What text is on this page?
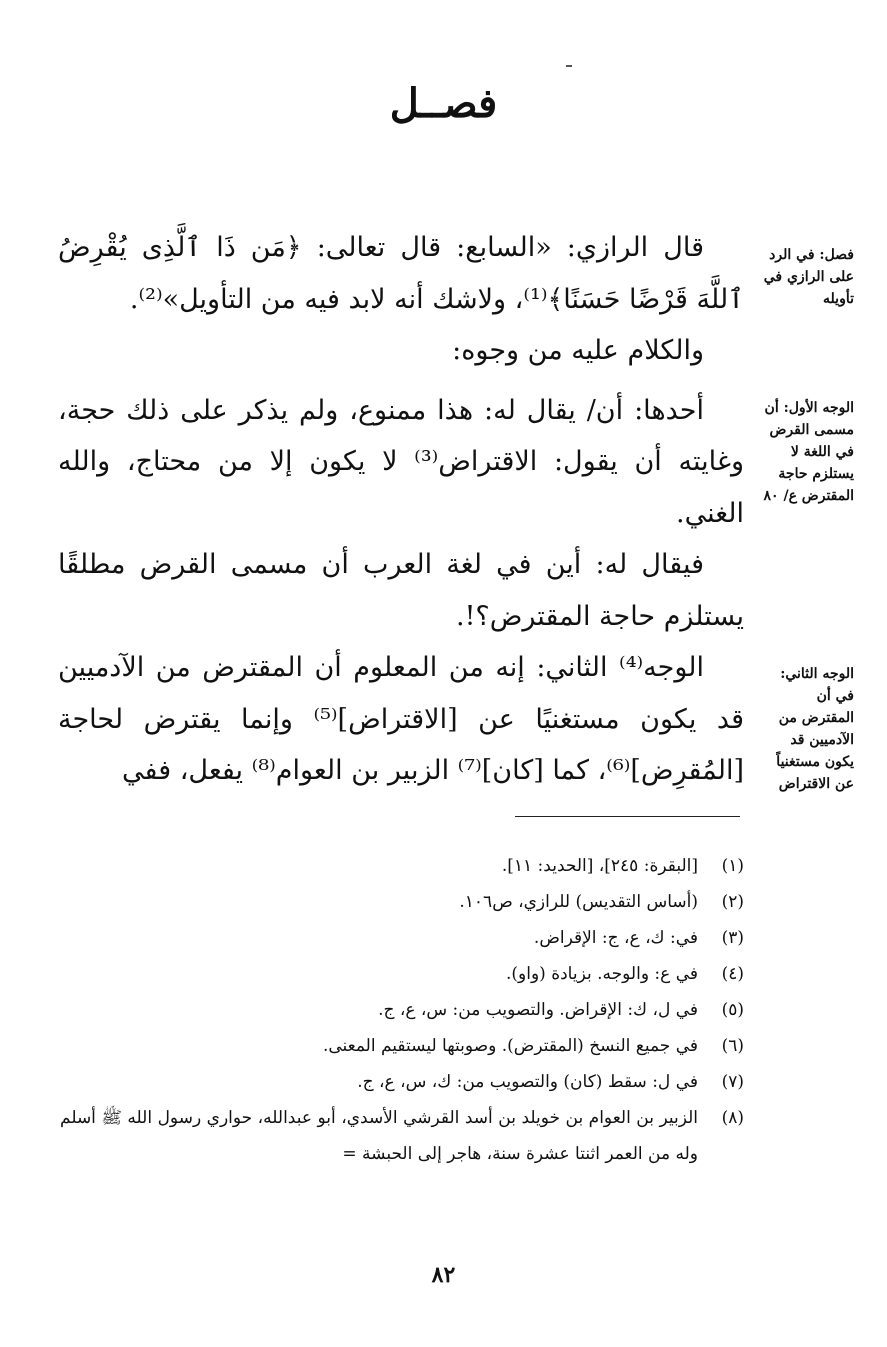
فصــل

قال الرازي: «السابع: قال تعالى: ﴿مَن ذَا ٱلَّذِى يُقْرِضُ ٱللَّهَ قَرْضًا حَسَنًا﴾⁽¹⁾، ولاشك أنه لابد فيه من التأويل»⁽²⁾.

والكلام عليه من وجوه:

أحدها: أن/ يقال له: هذا ممنوع، ولم يذكر على ذلك حجة، وغايته أن يقول: الاقتراض⁽³⁾ لا يكون إلا من محتاج، والله الغني.

فيقال له: أين في لغة العرب أن مسمى القرض مطلقًا يستلزم حاجة المقترض؟!.

الوجه⁽⁴⁾ الثاني: إنه من المعلوم أن المقترض من الآدميين قد يكون مستغنيًا عن [الاقتراض]⁽⁵⁾ وإنما يقترض لحاجة [المُقرِض]⁽⁶⁾، كما [كان]⁽⁷⁾ الزبير بن العوام⁽⁸⁾ يفعل، ففي

فصل: في الرد على الرازي في تأويله
الوجه الأول: أن مسمى القرض في اللغة لا يستلزم حاجة المقترض ع/ ٨٠
الوجه الثاني: في أن المقترض من الآدميين قد يكون مستغنياً عن الاقتراض
(١)
[البقرة: ٢٤٥]، [الحديد: ١١].
(٢)
(أساس التقديس) للرازي، ص١٠٦.
(٣)
في: ك، ع، ج: الإقراض.
(٤)
في ع: والوجه. بزيادة (واو).
(٥)
في ل، ك: الإقراض. والتصويب من: س، ع، ج.
(٦)
في جميع النسخ (المقترض). وصوبتها ليستقيم المعنى.
(٧)
في ل: سقط (كان) والتصويب من: ك، س، ع، ج.
(٨)
الزبير بن العوام بن خويلد بن أسد القرشي الأسدي، أبو عبدالله، حواري رسول الله ﷺ أسلم وله من العمر اثنتا عشرة سنة، هاجر إلى الحبشة =
٨٢
